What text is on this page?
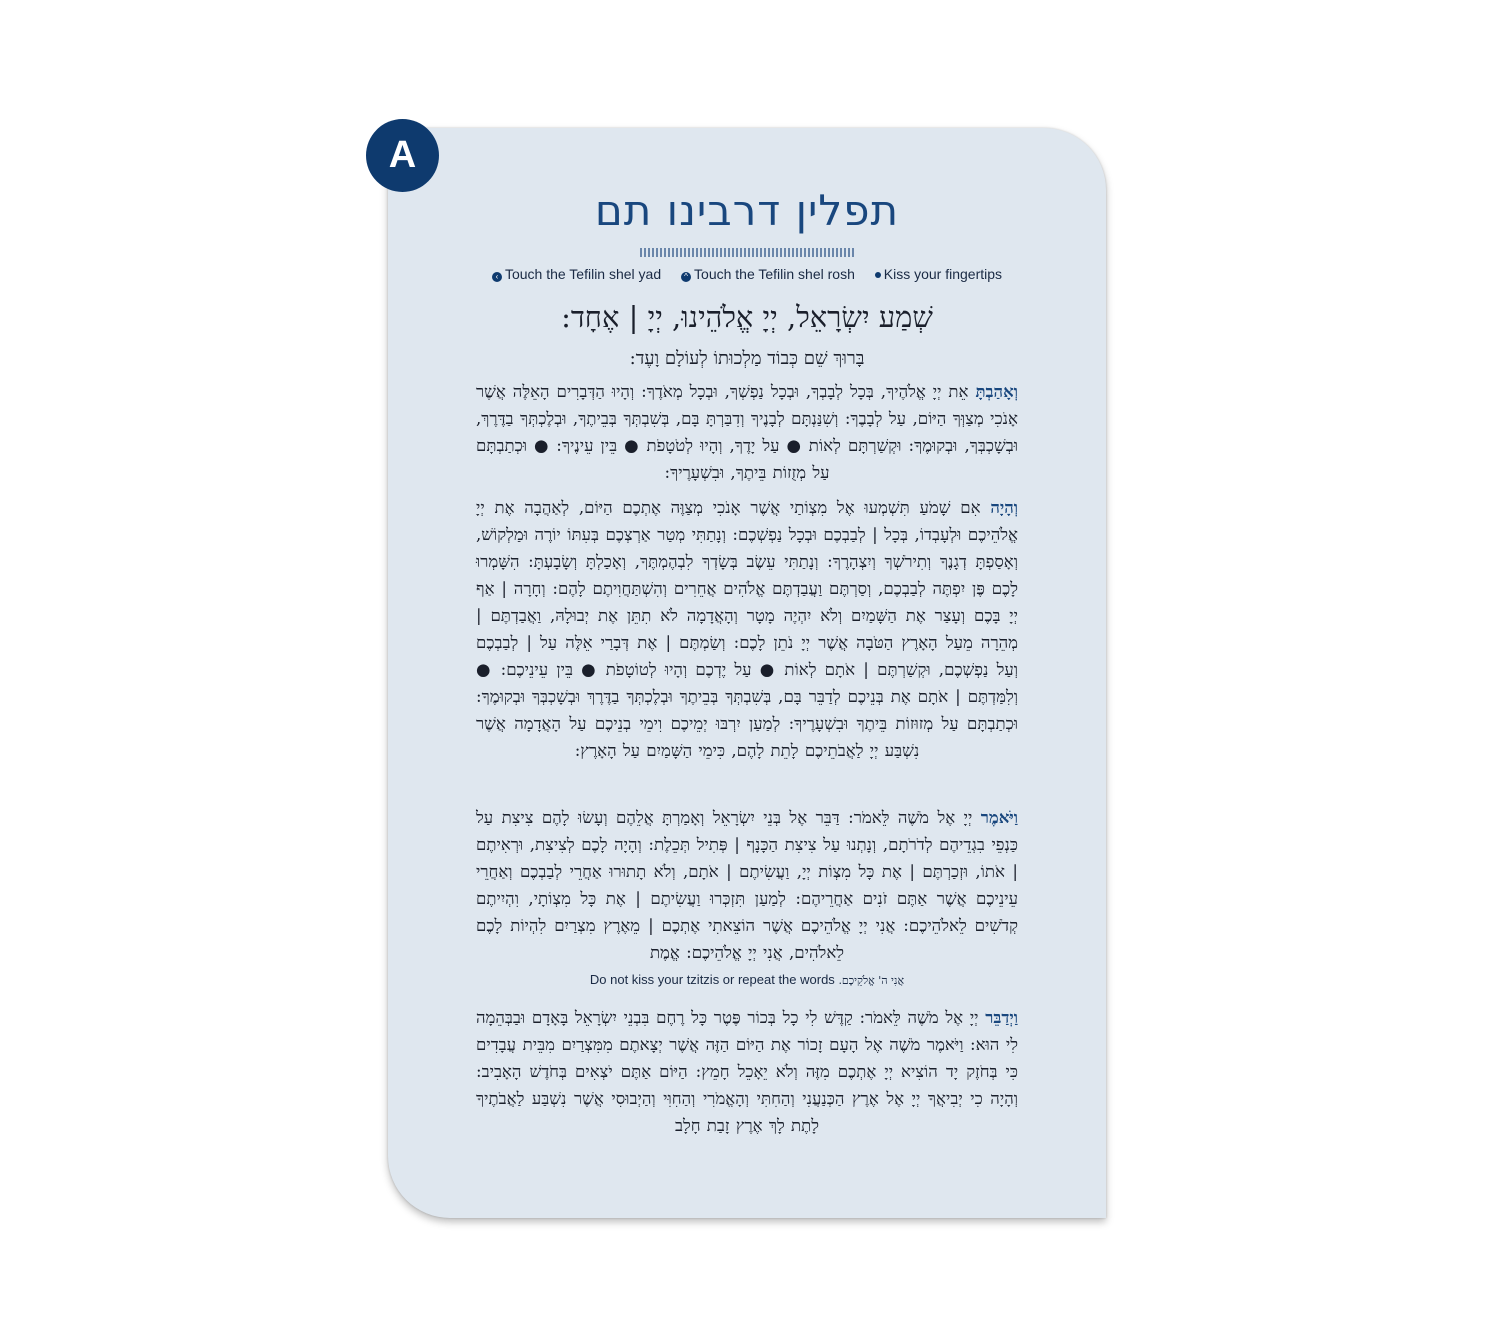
A
תפלין דרבינו תם
‹ Touch the Tefilin shel yad	^ Touch the Tefilin shel rosh Kiss your fingertips
שְׁמַע יִשְׂרָאֵל, יְיָ אֱלֹהֵינוּ, יְיָ | אֶחָד:
בָּרוּךְ שֵׁם כְּבוֹד מַלְכוּתוֹ לְעוֹלָם וָעֶד:
וְאָהַבְתָּ אֵת יְיָ אֱלֹהֶיךָ, בְּכָל לְבָבְךָ, וּבְכָל נַפְשְׁךָ, וּבְכָל מְאֹדֶךָ: וְהָיוּ הַדְּבָרִים הָאֵלֶּה אֲשֶׁר אָנֹכִי מְצַוְּךָ הַיּוֹם, עַל לְבָבֶךָ: וְשִׁנַּנְתָּם לְבָנֶיךָ וְדִבַּרְתָּ בָּם, בְּשִׁבְתְּךָ בְּבֵיתֶךָ, וּבְלֶכְתְּךָ בַדֶּרֶךְ, וּבְשָׁכְבְּךָ, וּבְקוּמֶךָ: וּקְשַׁרְתָּם לְאוֹת ● עַל יָדֶךָ, וְהָיוּ לְטֹטָפֹת ● בֵּין עֵינֶיךָ: ● וּכְתַבְתָּם עַל מְזֻזוֹת בֵּיתֶךָ, וּבִשְׁעָרֶיךָ:
וְהָיָה אִם שָׁמֹעַ תִּשְׁמְעוּ אֶל מִצְוֹתַי אֲשֶׁר אָנֹכִי מְצַוֶּה אֶתְכֶם הַיּוֹם, לְאַהֲבָה אֶת יְיָ אֱלֹהֵיכֶם וּלְעָבְדוֹ, בְּכָל | לְבַבְכֶם וּבְכָל נַפְשְׁכֶם: וְנָתַתִּי מְטַר אַרְצְכֶם בְּעִתּוֹ יוֹרֶה וּמַלְקוֹשׁ, וְאָסַפְתָּ דְגָנֶךָ וְתִירֹשְׁךָ וְיִצְהָרֶךָ: וְנָתַתִּי עֵשֶׂב בְּשָׂדְךָ לִבְהֶמְתֶּךָ, וְאָכַלְתָּ וְשָׂבָעְתָּ: הִשָּׁמְרוּ לָכֶם פֶּן יִפְתֶּה לְבַבְכֶם, וְסַרְתֶּם וַעֲבַדְתֶּם אֱלֹהִים אֲחֵרִים וְהִשְׁתַּחֲוִיתֶם לָהֶם: וְחָרָה | אַף יְיָ בָּכֶם וְעָצַר אֶת הַשָּׁמַיִם וְלֹא יִהְיֶה מָטָר וְהָאֲדָמָה לֹא תִתֵּן אֶת יְבוּלָהּ, וַאֲבַדְתֶּם | מְהֵרָה מֵעַל הָאָרֶץ הַטֹּבָה אֲשֶׁר יְיָ נֹתֵן לָכֶם: וְשַׂמְתֶּם | אֶת דְּבָרַי אֵלֶּה עַל | לְבַבְכֶם וְעַל נַפְשְׁכֶם, וּקְשַׁרְתֶּם | אֹתָם לְאוֹת ● עַל יֶדְכֶם וְהָיוּ לְטוֹטָפֹת ● בֵּין עֵינֵיכֶם: ● וְלִמַּדְתֶּם | אֹתָם אֶת בְּנֵיכֶם לְדַבֵּר בָּם, בְּשִׁבְתְּךָ בְּבֵיתֶךָ וּבְלֶכְתְּךָ בַדֶּרֶךְ וּבְשָׁכְבְּךָ וּבְקוּמֶךָ: וּכְתַבְתָּם עַל מְזוּזוֹת בֵּיתֶךָ וּבִשְׁעָרֶיךָ: לְמַעַן יִרְבּוּ יְמֵיכֶם וִימֵי בְנֵיכֶם עַל הָאֲדָמָה אֲשֶׁר נִשְׁבַּע יְיָ לַאֲבֹתֵיכֶם לָתֵת לָהֶם, כִּימֵי הַשָּׁמַיִם עַל הָאָרֶץ:
וַיֹּאמֶר יְיָ אֶל מֹשֶׁה לֵּאמֹר: דַּבֵּר אֶל בְּנֵי יִשְׂרָאֵל וְאָמַרְתָּ אֲלֵהֶם וְעָשׂוּ לָהֶם צִיצִת עַל כַּנְפֵי בִגְדֵיהֶם לְדֹרֹתָם, וְנָתְנוּ עַל צִיצִת הַכָּנָף | פְּתִיל תְּכֵלֶת: וְהָיָה לָכֶם לְצִיצִת, וּרְאִיתֶם | אֹתוֹ, וּזְכַרְתֶּם | אֶת כָּל מִצְוֹת יְיָ, וַעֲשִׂיתֶם | אֹתָם, וְלֹא תָתוּרוּ אַחֲרֵי לְבַבְכֶם וְאַחֲרֵי עֵינֵיכֶם אֲשֶׁר אַתֶּם זֹנִים אַחֲרֵיהֶם: לְמַעַן תִּזְכְּרוּ וַעֲשִׂיתֶם | אֶת כָּל מִצְוֹתָי, וִהְיִיתֶם קְדֹשִׁים לֵאלֹהֵיכֶם: אֲנִי יְיָ אֱלֹהֵיכֶם אֲשֶׁר הוֹצֵאתִי אֶתְכֶם | מֵאֶרֶץ מִצְרַיִם לִהְיוֹת לָכֶם לֵאלֹהִים, אֲנִי יְיָ אֱלֹהֵיכֶם: אֱמֶת
Do not kiss your tzitzis or repeat the words אֲנִי ה' אֱלֹקֵיכֶם.
וַיְדַבֵּר יְיָ אֶל מֹשֶׁה לֵּאמֹר: קַדֶּשׁ לִי כָל בְּכוֹר פֶּטֶר כָּל רֶחֶם בִּבְנֵי יִשְׂרָאֵל בָּאָדָם וּבַבְּהֵמָה לִי הוּא: וַיֹּאמֶר מֹשֶׁה אֶל הָעָם זָכוֹר אֶת הַיּוֹם הַזֶּה אֲשֶׁר יְצָאתֶם מִמִּצְרַיִם מִבֵּית עֲבָדִים כִּי בְּחֹזֶק יָד הוֹצִיא יְיָ אֶתְכֶם מִזֶּה וְלֹא יֵאָכֵל חָמֵץ: הַיּוֹם אַתֶּם יֹצְאִים בְּחֹדֶשׁ הָאָבִיב: וְהָיָה כִי יְבִיאֲךָ יְיָ אֶל אֶרֶץ הַכְּנַעֲנִי וְהַחִתִּי וְהָאֱמֹרִי וְהַחִוִּי וְהַיְבוּסִי אֲשֶׁר נִשְׁבַּע לַאֲבֹתֶיךָ לָתֶת לָךְ אֶרֶץ זָבַת חָלָב
